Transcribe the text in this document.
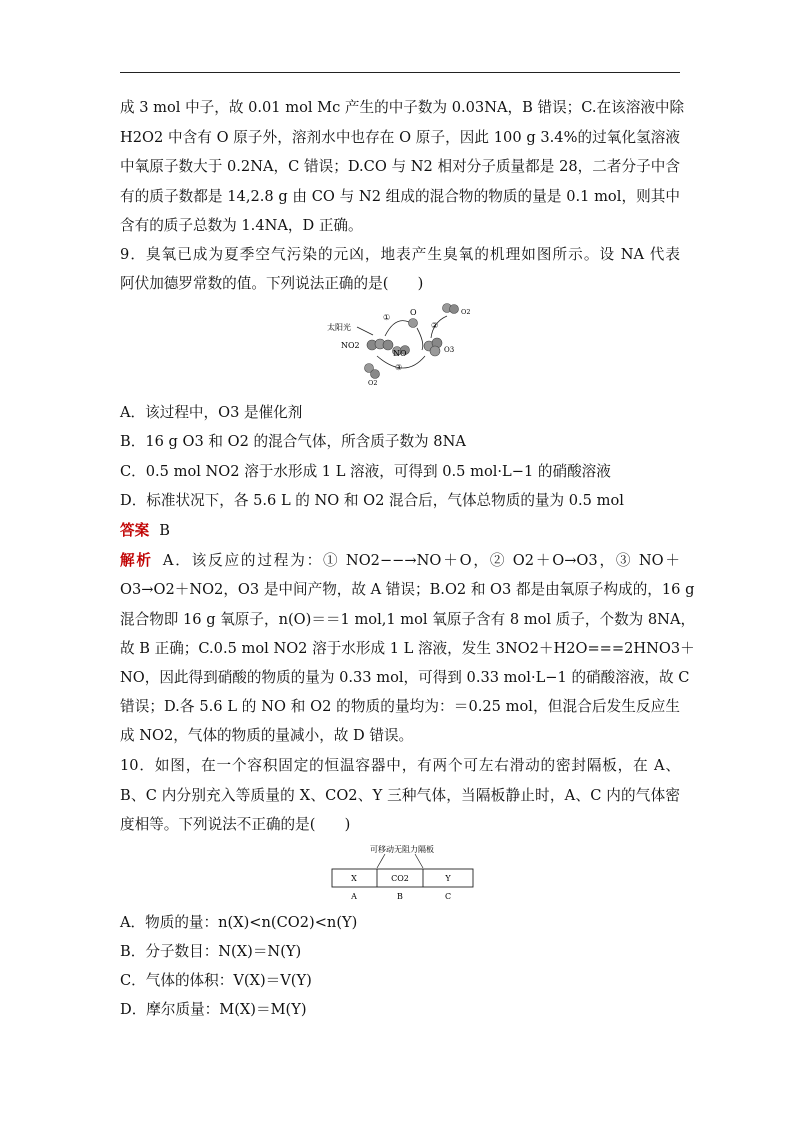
成 3 mol 中子，故 0.01 mol Mc 产生的中子数为 0.03NA，B 错误；C.在该溶液中除
H2O2 中含有 O 原子外，溶剂水中也存在 O 原子，因此 100 g 3.4%的过氧化氢溶液
中氧原子数大于 0.2NA，C 错误；D.CO 与 N2 相对分子质量都是 28，二者分子中含
有的质子数都是 14,2.8 g 由 CO 与 N2 组成的混合物的物质的量是 0.1 mol，则其中
含有的质子总数为 1.4NA，D 正确。
9．臭氧已成为夏季空气污染的元凶，地表产生臭氧的机理如图所示。设 NA 代表
阿伏加德罗常数的值。下列说法正确的是(　　)
太阳光
NO2
①
O
NO	O3
O2
②
③
O2
A．该过程中，O3 是催化剂
B．16 g O3 和 O2 的混合气体，所含质子数为 8NA
C．0.5 mol NO2 溶于水形成 1 L 溶液，可得到 0.5 mol·L−1 的硝酸溶液
D．标准状况下，各 5.6 L 的 NO 和 O2 混合后，气体总物质的量为 0.5 mol
答案 B
解析 A．该反应的过程为：① NO2−−→NO＋O，② O2＋O→O3，③ NO＋
O3→O2＋NO2，O3 是中间产物，故 A 错误；B.O2 和 O3 都是由氧原子构成的，16 g
混合物即 16 g 氧原子，n(O)＝＝1 mol,1 mol 氧原子含有 8 mol 质子，个数为 8NA，
故 B 正确；C.0.5 mol NO2 溶于水形成 1 L 溶液，发生 3NO2＋H2O===2HNO3＋
NO，因此得到硝酸的物质的量为 0.33 mol，可得到 0.33 mol·L−1 的硝酸溶液，故 C
错误；D.各 5.6 L 的 NO 和 O2 的物质的量均为：＝0.25 mol，但混合后发生反应生
成 NO2，气体的物质的量减小，故 D 错误。
10．如图，在一个容积固定的恒温容器中，有两个可左右滑动的密封隔板，在 A、
B、C 内分别充入等质量的 X、CO2、Y 三种气体，当隔板静止时，A、C 内的气体密
度相等。下列说法不正确的是(　　)
可移动无阻力隔板
X	CO2	Y
A	B	C
A．物质的量：n(X)<n(CO2)<n(Y)
B．分子数目：N(X)＝N(Y)
C．气体的体积：V(X)＝V(Y)
D．摩尔质量：M(X)＝M(Y)
